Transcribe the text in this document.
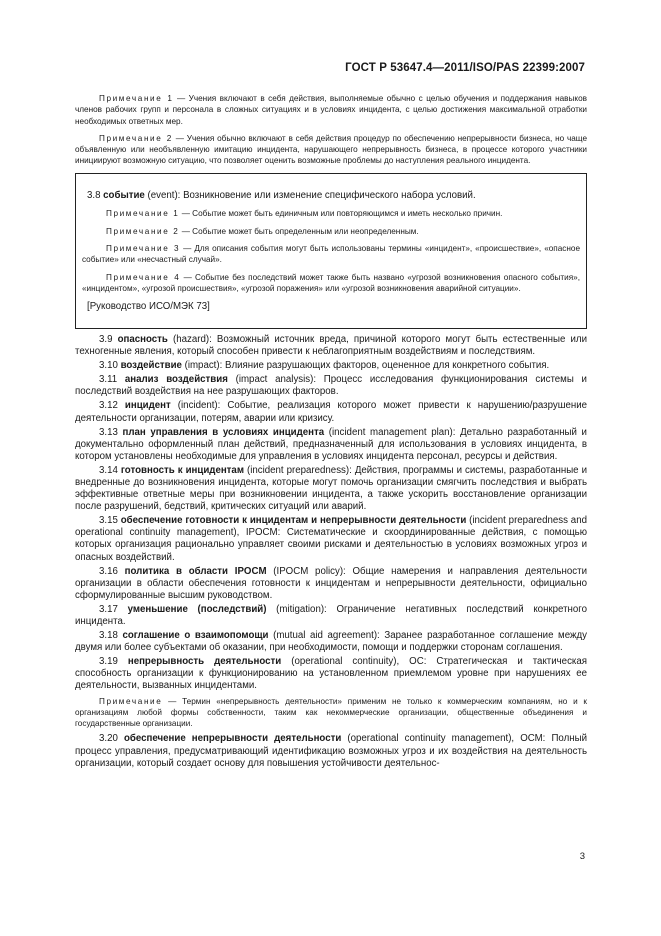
ГОСТ Р 53647.4—2011/ISO/PAS 22399:2007

Примечание 1 — Учения включают в себя действия, выполняемые обычно с целью обучения и поддержания навыков членов рабочих групп и персонала в сложных ситуациях и в условиях инцидента, с целью достижения максимальной отработки необходимых ответных мер.

Примечание 2 — Учения обычно включают в себя действия процедур по обеспечению непрерывности бизнеса, но чаще объявленную или необъявленную имитацию инцидента, нарушающего непрерывность бизнеса, в процессе которого участники инициируют возможную ситуацию, что позволяет оценить возможные проблемы до наступления реального инцидента.

3.8 событие (event): Возникновение или изменение специфического набора условий.

Примечание 1 — Событие может быть единичным или повторяющимся и иметь несколько причин.

Примечание 2 — Событие может быть определенным или неопределенным.

Примечание 3 — Для описания события могут быть использованы термины «инцидент», «происшествие», «опасное событие» или «несчастный случай».

Примечание 4 — Событие без последствий может также быть названо «угрозой возникновения опасного события», «инцидентом», «угрозой происшествия», «угрозой поражения» или «угрозой возникновения аварийной ситуации».

[Руководство ИСО/МЭК 73]

3.9 опасность (hazard): Возможный источник вреда, причиной которого могут быть естественные или техногенные явления, который способен привести к неблагоприятным воздействиям и последствиям.

3.10 воздействие (impact): Влияние разрушающих факторов, оцененное для конкретного события.

3.11 анализ воздействия (impact analysis): Процесс исследования функционирования системы и последствий воздействия на нее разрушающих факторов.

3.12 инцидент (incident): Событие, реализация которого может привести к нарушению/разрушение деятельности организации, потерям, аварии или кризису.

3.13 план управления в условиях инцидента (incident management plan): Детально разработанный и документально оформленный план действий, предназначенный для использования в условиях инцидента, в котором установлены необходимые для управления в условиях инцидента персонал, ресурсы и действия.

3.14 готовность к инцидентам (incident preparedness): Действия, программы и системы, разработанные и внедренные до возникновения инцидента, которые могут помочь организации смягчить последствия и выбрать эффективные ответные меры при возникновении инцидента, а также ускорить восстановление организации после разрушений, бедствий, критических ситуаций или аварий.

3.15 обеспечение готовности к инцидентам и непрерывности деятельности (incident preparedness and operational continuity management), IPOCM: Систематические и скоординированные действия, с помощью которых организация рационально управляет своими рисками и деятельностью в условиях возможных угроз и опасных воздействий.

3.16 политика в области IPOCM (IPOCM policy): Общие намерения и направления деятельности организации в области обеспечения готовности к инцидентам и непрерывности деятельности, официально сформулированные высшим руководством.

3.17 уменьшение (последствий) (mitigation): Ограничение негативных последствий конкретного инцидента.

3.18 соглашение о взаимопомощи (mutual aid agreement): Заранее разработанное соглашение между двумя или более субъектами об оказании, при необходимости, помощи и поддержки сторонам соглашения.

3.19 непрерывность деятельности (operational continuity), ОС: Стратегическая и тактическая способность организации к функционированию на установленном приемлемом уровне при нарушениях ее деятельности, вызванных инцидентами.

Примечание — Термин «непрерывность деятельности» применим не только к коммерческим компаниям, но и к организациям любой формы собственности, таким как некоммерческие организации, общественные объединения и государственные организации.

3.20 обеспечение непрерывности деятельности (operational continuity management), ОСМ: Полный процесс управления, предусматривающий идентификацию возможных угроз и их воздействия на деятельность организации, который создает основу для повышения устойчивости деятельнос-

3
